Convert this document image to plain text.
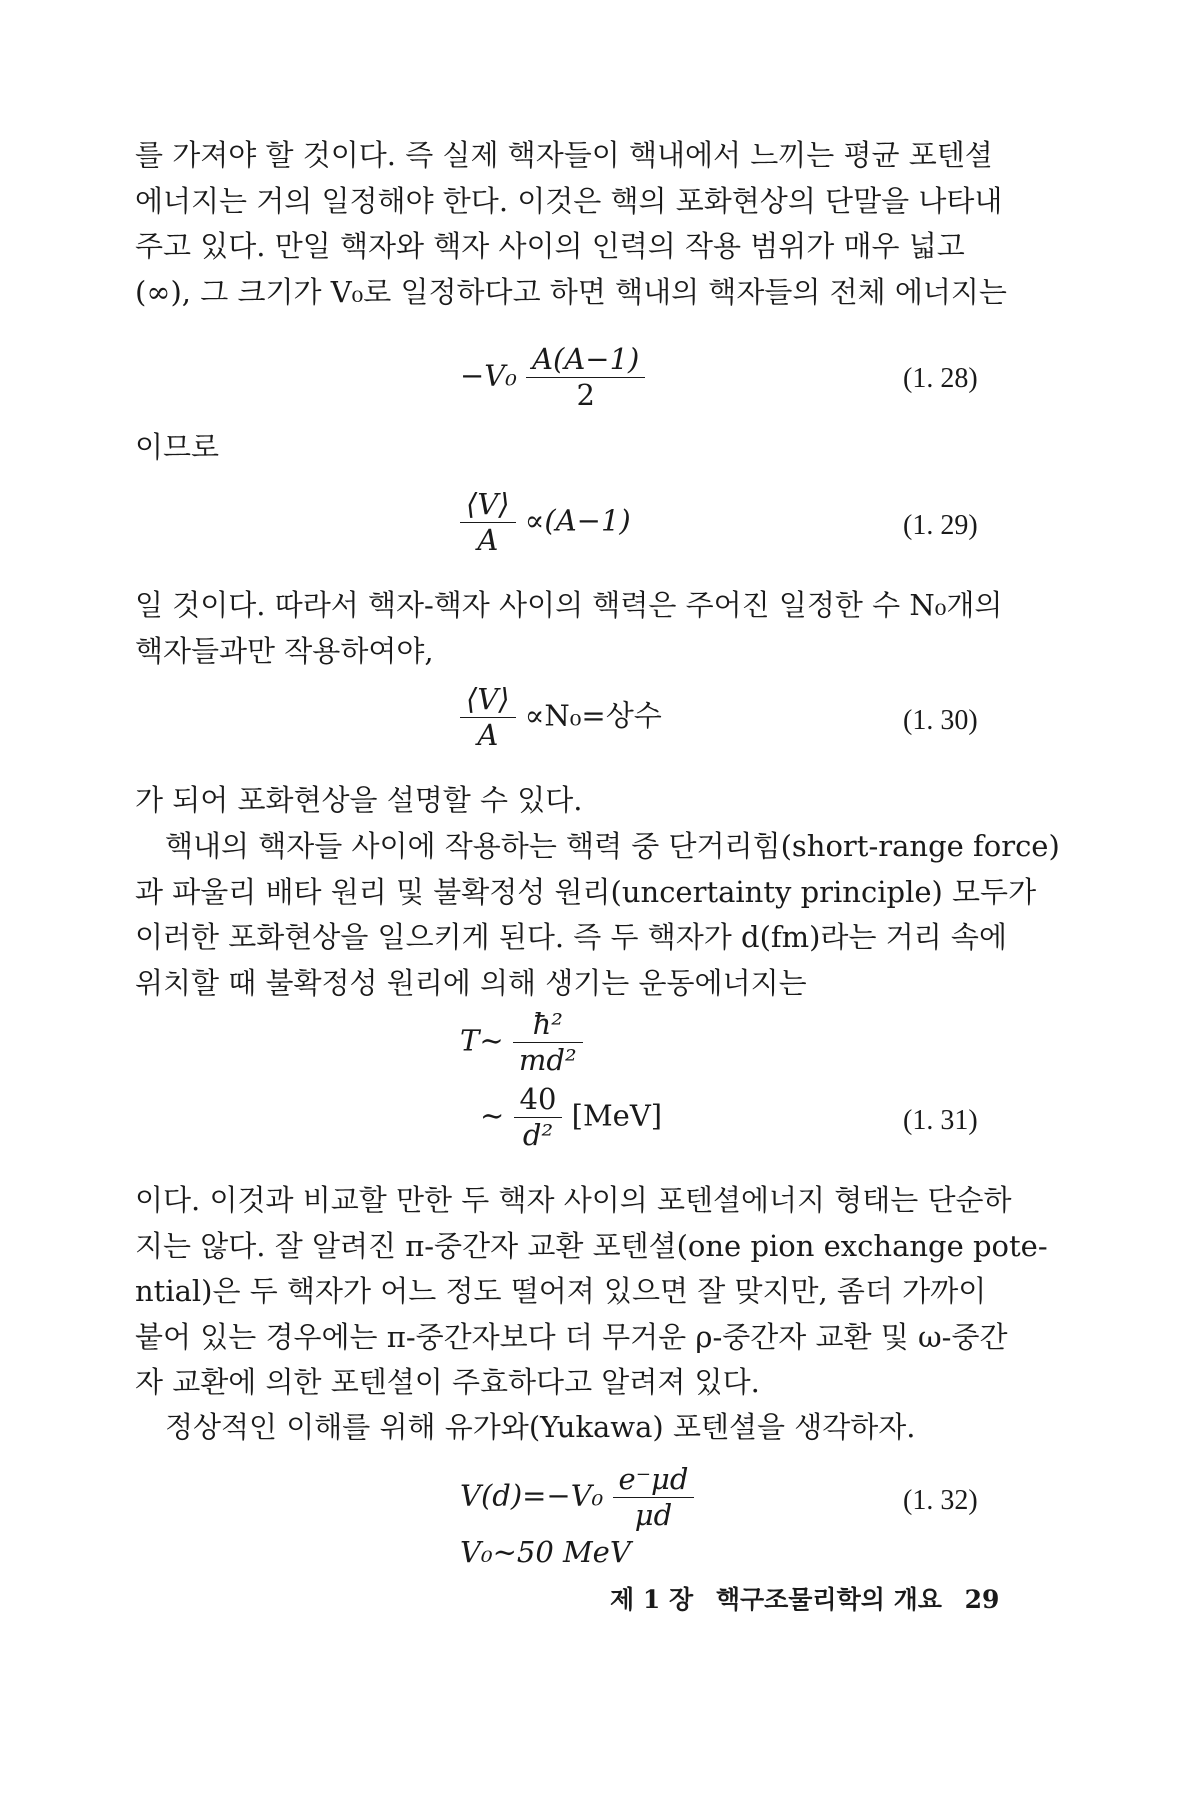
를 가져야 할 것이다. 즉 실제 핵자들이 핵내에서 느끼는 평균 포텐셜
에너지는 거의 일정해야 한다. 이것은 핵의 포화현상의 단말을 나타내
주고 있다. 만일 핵자와 핵자 사이의 인력의 작용 범위가 매우 넓고
(∞), 그 크기가 V₀로 일정하다고 하면 핵내의 핵자들의 전체 에너지는

$-V_0 \frac{A(A-1)}{2}$	(1. 28)

이므로

$\frac{⟨V⟩}{A} \propto(A-1)$	(1. 29)

일 것이다. 따라서 핵자-핵자 사이의 핵력은 주어진 일정한 수 N₀개의
핵자들과만 작용하여야,

$\frac{⟨V⟩}{A} \propto N_0=$상수	(1. 30)

가 되어 포화현상을 설명할 수 있다.

핵내의 핵자들 사이에 작용하는 핵력 중 단거리힘(short-range force)
과 파울리 배타 원리 및 불확정성 원리(uncertainty principle) 모두가
이러한 포화현상을 일으키게 된다. 즉 두 핵자가 d(fm)라는 거리 속에
위치할 때 불확정성 원리에 의해 생기는 운동에너지는

T∼ $\frac{\text{ħ²}}{\text{md²}}$
∼ $\frac{40}{\text{d²}} [MeV]$	(1. 31)

이다. 이것과 비교할 만한 두 핵자 사이의 포텐셜에너지 형태는 단순하
지는 않다. 잘 알려진 π-중간자 교환 포텐셜(one pion exchange pote-
ntial)은 두 핵자가 어느 정도 떨어져 있으면 잘 맞지만, 좀더 가까이
붙어 있는 경우에는 π-중간자보다 더 무거운 ρ-중간자 교환 및 ω-중간
자 교환에 의한 포텐셜이 주효하다고 알려져 있다.

정상적인 이해를 위해 유가와(Yukawa) 포텐셜을 생각하자.

$V(d)=-V_0 \frac{e^-\mu d}{\mu d}$	(1. 32)
V₀∼50 MeV
제 1 장 핵구조물리학의 개요 29
